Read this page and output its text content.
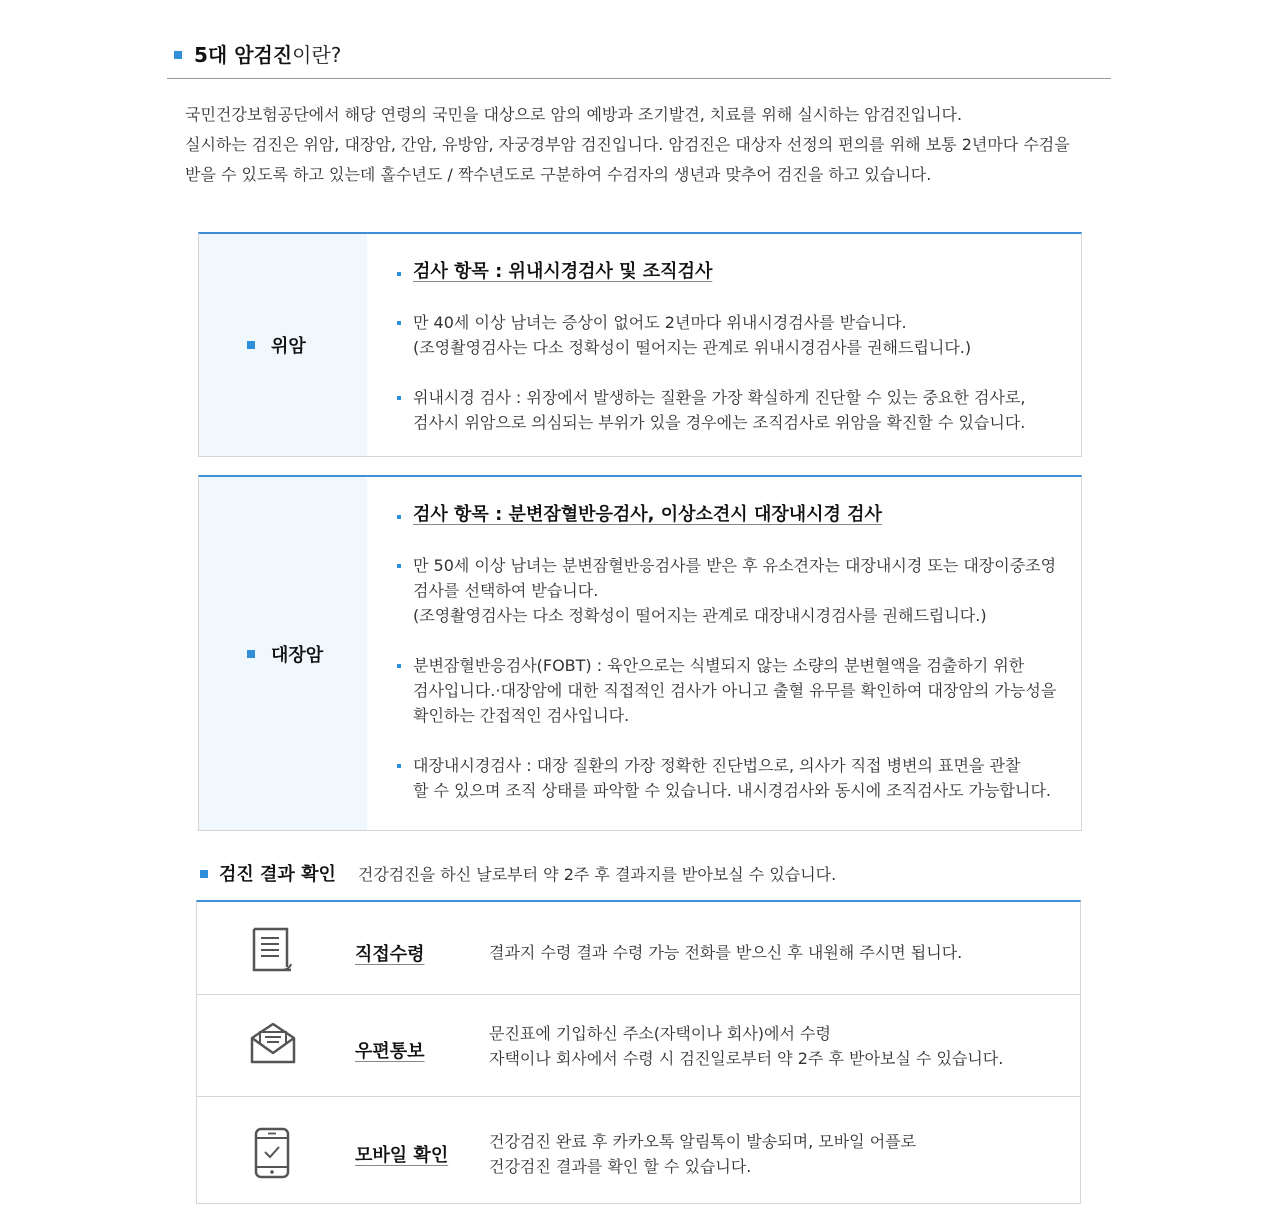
5대 암검진이란?

국민건강보험공단에서 해당 연령의 국민을 대상으로 암의 예방과 조기발견, 치료를 위해 실시하는 암검진입니다.

실시하는 검진은 위암, 대장암, 간암, 유방암, 자궁경부암 검진입니다. 암검진은 대상자 선정의 편의를 위해 보통 2년마다 수검을

받을 수 있도록 하고 있는데 홀수년도 / 짝수년도로 구분하여 수검자의 생년과 맞추어 검진을 하고 있습니다.

위암
검사 항목 : 위내시경검사 및 조직검사
만 40세 이상 남녀는 증상이 없어도 2년마다 위내시경검사를 받습니다.
(조영촬영검사는 다소 정확성이 떨어지는 관계로 위내시경검사를 권해드립니다.)
위내시경 검사 : 위장에서 발생하는 질환을 가장 확실하게 진단할 수 있는 중요한 검사로,
검사시 위암으로 의심되는 부위가 있을 경우에는 조직검사로 위암을 확진할 수 있습니다.
대장암
검사 항목 : 분변잠혈반응검사, 이상소견시 대장내시경 검사
만 50세 이상 남녀는 분변잠혈반응검사를 받은 후 유소견자는 대장내시경 또는 대장이중조영
검사를 선택하여 받습니다.
(조영촬영검사는 다소 정확성이 떨어지는 관계로 대장내시경검사를 권해드립니다.)
분변잠혈반응검사(FOBT) : 육안으로는 식별되지 않는 소량의 분변혈액을 검출하기 위한
검사입니다.·대장암에 대한 직접적인 검사가 아니고 출혈 유무를 확인하여 대장암의 가능성을
확인하는 간접적인 검사입니다.
대장내시경검사 : 대장 질환의 가장 정확한 진단법으로, 의사가 직접 병변의 표면을 관찰
할 수 있으며 조직 상태를 파악할 수 있습니다. 내시경검사와 동시에 조직검사도 가능합니다.
검진 결과 확인 건강검진을 하신 날로부터 약 2주 후 결과지를 받아보실 수 있습니다.
직접수령	결과지 수령 결과 수령 가능 전화를 받으신 후 내원해 주시면 됩니다.
우편통보
문진표에 기입하신 주소(자택이나 회사)에서 수령
자택이나 회사에서 수령 시 검진일로부터 약 2주 후 받아보실 수 있습니다.
모바일 확인
건강검진 완료 후 카카오톡 알림톡이 발송되며, 모바일 어플로
건강검진 결과를 확인 할 수 있습니다.
